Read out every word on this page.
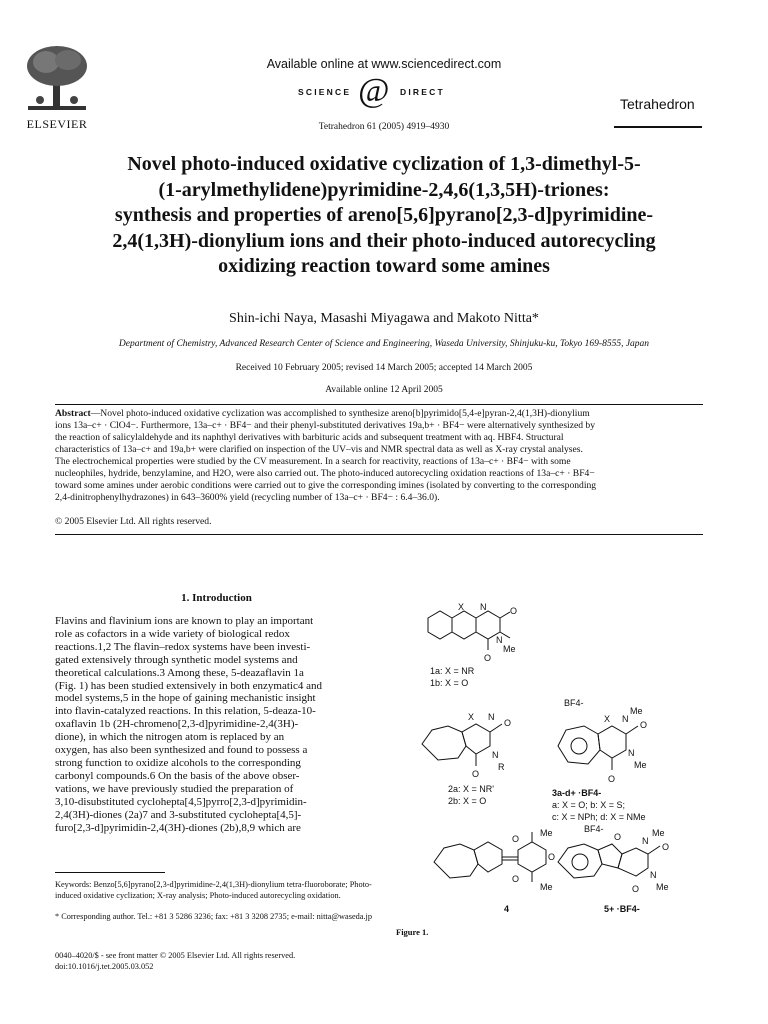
ELSEVIER
Available online at www.sciencedirect.com
SCIENCE @ DIRECT
Tetrahedron
Tetrahedron 61 (2005) 4919–4930
Novel photo-induced oxidative cyclization of 1,3-dimethyl-5-
(1-arylmethylidene)pyrimidine-2,4,6(1,3,5H)-triones:
synthesis and properties of areno[5,6]pyrano[2,3-d]pyrimidine-
2,4(1,3H)-dionylium ions and their photo-induced autorecycling
oxidizing reaction toward some amines
Shin-ichi Naya, Masashi Miyagawa and Makoto Nitta*
Department of Chemistry, Advanced Research Center of Science and Engineering, Waseda University, Shinjuku-ku, Tokyo 169-8555, Japan
Received 10 February 2005; revised 14 March 2005; accepted 14 March 2005
Available online 12 April 2005
Abstract—Novel photo-induced oxidative cyclization was accomplished to synthesize areno[b]pyrimido[5,4-e]pyran-2,4(1,3H)-dionylium
ions 13a–c+ · ClO4−. Furthermore, 13a–c+ · BF4− and their phenyl-substituted derivatives 19a,b+ · BF4− were alternatively synthesized by
the reaction of salicylaldehyde and its naphthyl derivatives with barbituric acids and subsequent treatment with aq. HBF4. Structural
characteristics of 13a–c+ and 19a,b+ were clarified on inspection of the UV–vis and NMR spectral data as well as X-ray crystal analyses.
The electrochemical properties were studied by the CV measurement. In a search for reactivity, reactions of 13a–c+ · BF4− with some
nucleophiles, hydride, benzylamine, and H2O, were also carried out. The photo-induced autorecycling oxidation reactions of 13a–c+ · BF4−
toward some amines under aerobic conditions were carried out to give the corresponding imines (isolated by converting to the corresponding
2,4-dinitrophenylhydrazones) in 643–3600% yield (recycling number of 13a–c+ · BF4− : 6.4–36.0).
© 2005 Elsevier Ltd. All rights reserved.
1. Introduction
Flavins and flavinium ions are known to play an important
role as cofactors in a wide variety of biological redox
reactions.1,2 The flavin–redox systems have been investi-
gated extensively through synthetic model systems and
theoretical calculations.3 Among these, 5-deazaflavin 1a
(Fig. 1) has been studied extensively in both enzymatic4 and
model systems,5 in the hope of gaining mechanistic insight
into flavin-catalyzed reactions. In this relation, 5-deaza-10-
oxaflavin 1b (2H-chromeno[2,3-d]pyrimidine-2,4(3H)-
dione), in which the nitrogen atom is replaced by an
oxygen, has also been synthesized and found to possess a
strong function to oxidize alcohols to the corresponding
carbonyl compounds.6 On the basis of the above obser-
vations, we have previously studied the preparation of
3,10-disubstituted cyclohepta[4,5]pyrro[2,3-d]pyrimidin-
2,4(3H)-diones (2a)7 and 3-substituted cyclohepta[4,5]-
furo[2,3-d]pyrimidin-2,4(3H)-diones (2b),8,9 which are
Keywords: Benzo[5,6]pyrano[2,3-d]pyrimidine-2,4(1,3H)-dionylium tetra-fluoroborate; Photo-induced oxidative cyclization; X-ray analysis; Photo-induced autorecycling oxidation.
* Corresponding author. Tel.: +81 3 5286 3236; fax: +81 3 3208 2735; e-mail: nitta@waseda.jp
0040–4020/$ - see front matter © 2005 Elsevier Ltd. All rights reserved.
doi:10.1016/j.tet.2005.03.052
X N	O
N
Me
O
1a: X = NR
1b: X = O
X N
O
N
R
O
2a: X = NR'
2b: X = O
BF4-
X N
Me
O
N
Me
O
3a-d+ ·BF4-
a: X = O; b: X = S;
c: X = NPh; d: X = NMe
O
Me
O
O
Me
4
BF4-
O N
Me
O
N
Me
O
5+ ·BF4-
Figure 1.
